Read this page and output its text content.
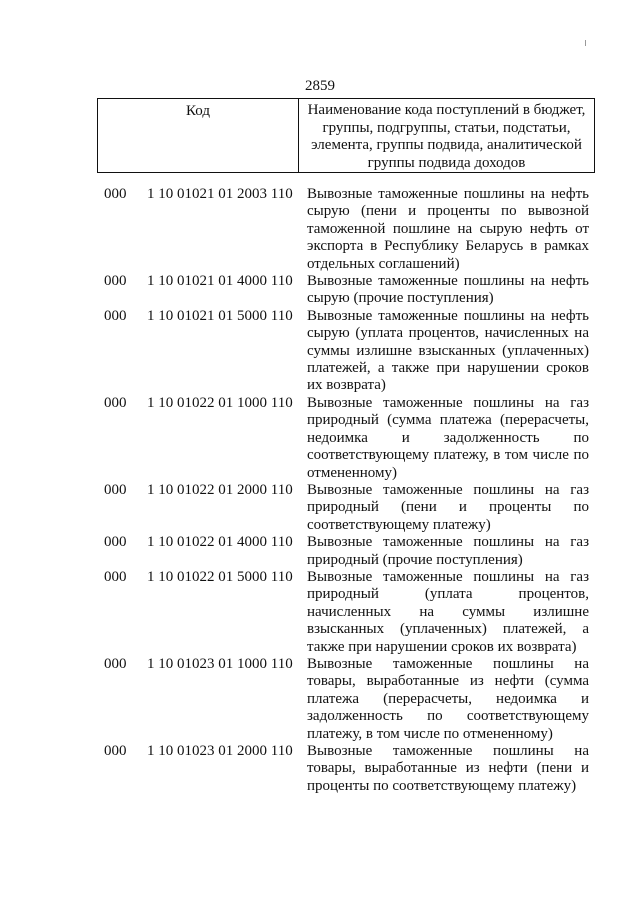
2859
Код	Наименование кода поступлений в бюджет, группы, подгруппы, статьи, подстатьи, элемента, группы подвида, аналитической группы подвида доходов
000	1 10 01021 01 2003 110 Вывозные таможенные пошлины на нефть сырую (пени и проценты по вывозной таможенной пошлине на сырую нефть от экспорта в Республику Беларусь в рамках отдельных соглашений)
000	1 10 01021 01 4000 110 Вывозные таможенные пошлины на нефть сырую (прочие поступления)
000	1 10 01021 01 5000 110 Вывозные таможенные пошлины на нефть сырую (уплата процентов, начисленных на суммы излишне взысканных (уплаченных) платежей, а также при нарушении сроков их возврата)
000	1 10 01022 01 1000 110 Вывозные таможенные пошлины на газ природный (сумма платежа (перерасчеты, недоимка и задолженность по соответствующему платежу, в том числе по отмененному)
000	1 10 01022 01 2000 110 Вывозные таможенные пошлины на газ природный (пени и проценты по соответствующему платежу)
000	1 10 01022 01 4000 110 Вывозные таможенные пошлины на газ природный (прочие поступления)
000	1 10 01022 01 5000 110 Вывозные таможенные пошлины на газ природный (уплата процентов, начисленных на суммы излишне взысканных (уплаченных) платежей, а также при нарушении сроков их возврата)
000	1 10 01023 01 1000 110 Вывозные таможенные пошлины на товары, выработанные из нефти (сумма платежа (перерасчеты, недоимка и задолженность по соответствующему платежу, в том числе по отмененному)
000	1 10 01023 01 2000 110 Вывозные таможенные пошлины на товары, выработанные из нефти (пени и проценты по соответствующему платежу)
